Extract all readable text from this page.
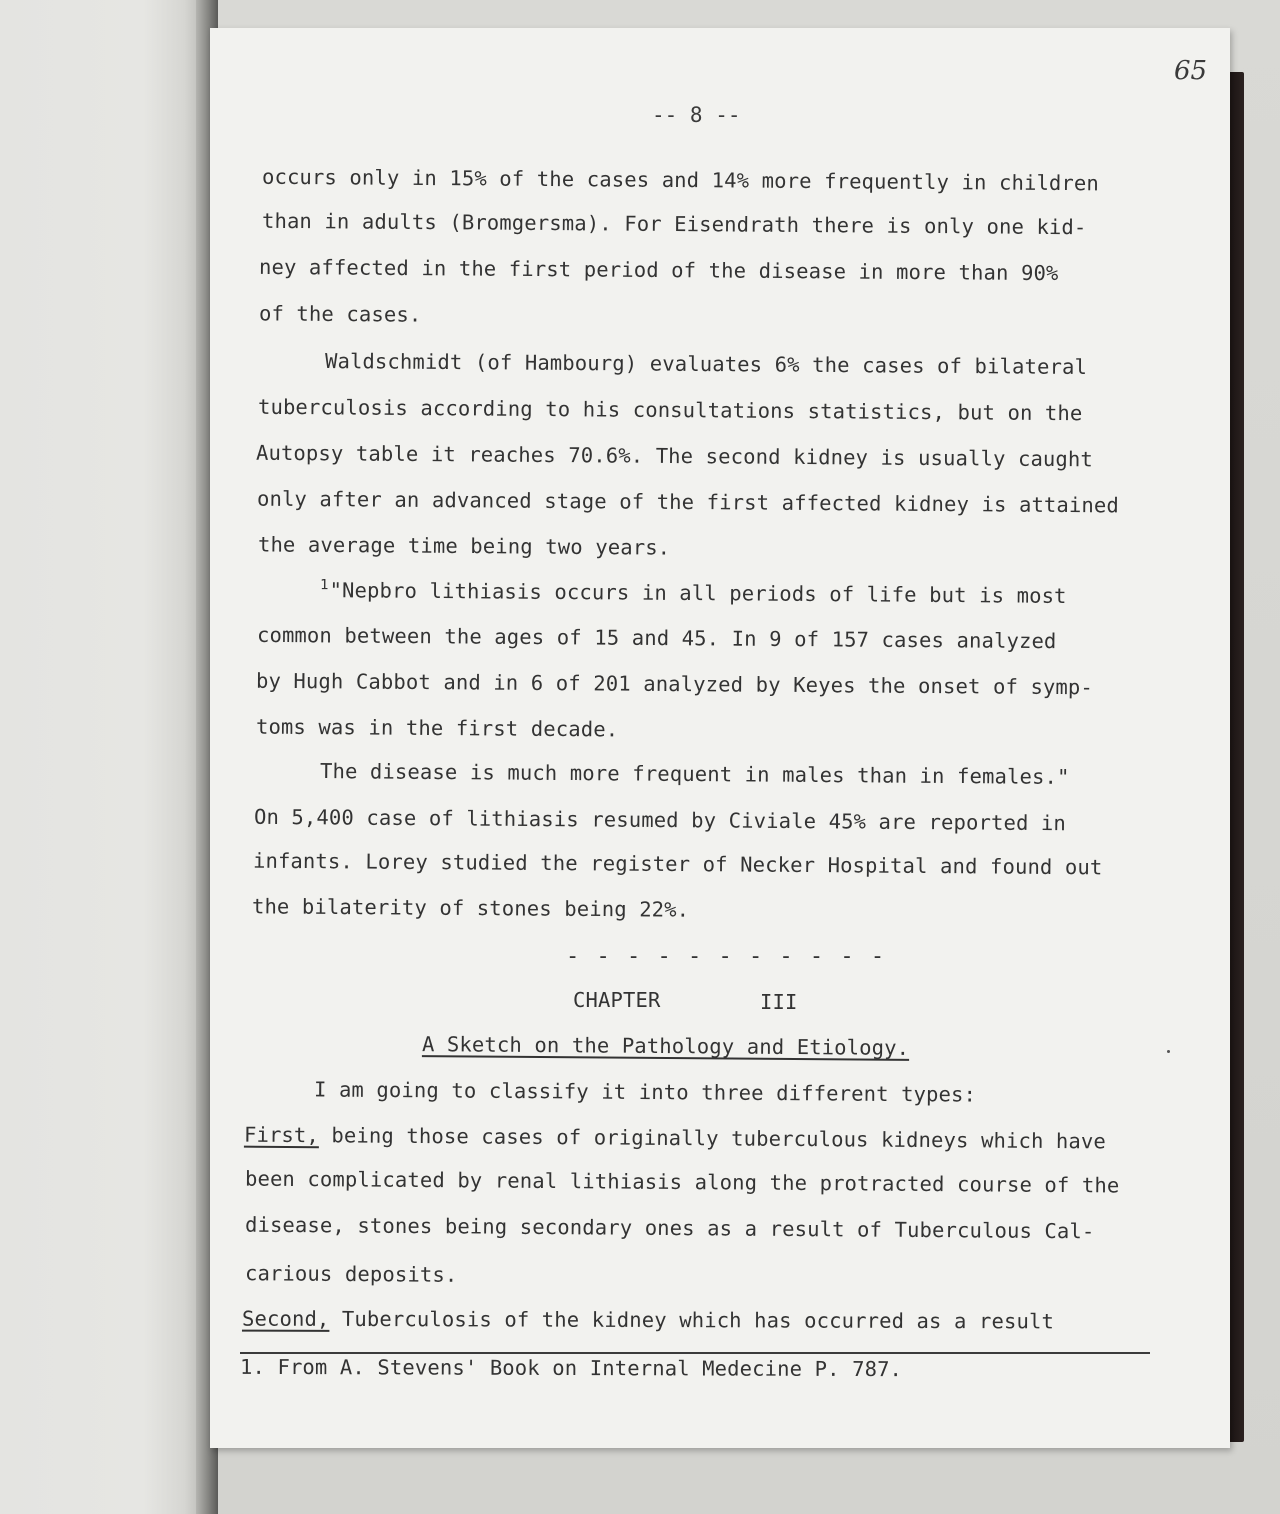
65
-- 8 --
occurs only in 15% of the cases and 14% more frequently in children
than in adults (Bromgersma). For Eisendrath there is only one kid-
ney affected in the first period of the disease in more than 90%
of the cases.
Waldschmidt (of Hambourg) evaluates 6% the cases of bilateral
tuberculosis according to his consultations statistics, but on the
Autopsy table it reaches 70.6%. The second kidney is usually caught
only after an advanced stage of the first affected kidney is attained
the average time being two years.
$^1$"Nepbro lithiasis occurs in all periods of life but is most
common between the ages of 15 and 45. In 9 of 157 cases analyzed
by Hugh Cabbot and in 6 of 201 analyzed by Keyes the onset of symp-
toms was in the first decade.
The disease is much more frequent in males than in females."
On 5,400 case of lithiasis resumed by Civiale 45% are reported in
infants. Lorey studied the register of Necker Hospital and found out
the bilaterity of stones being 22%.
- - - - - - - - - - -
CHAPTER	III
A Sketch on the Pathology and Etiology.
I am going to classify it into three different types:
First, being those cases of originally tuberculous kidneys which have
been complicated by renal lithiasis along the protracted course of the
disease, stones being secondary ones as a result of Tuberculous Cal-
carious deposits.
Second, Tuberculosis of the kidney which has occurred as a result
1. From A. Stevens' Book on Internal Medecine P. 787.
